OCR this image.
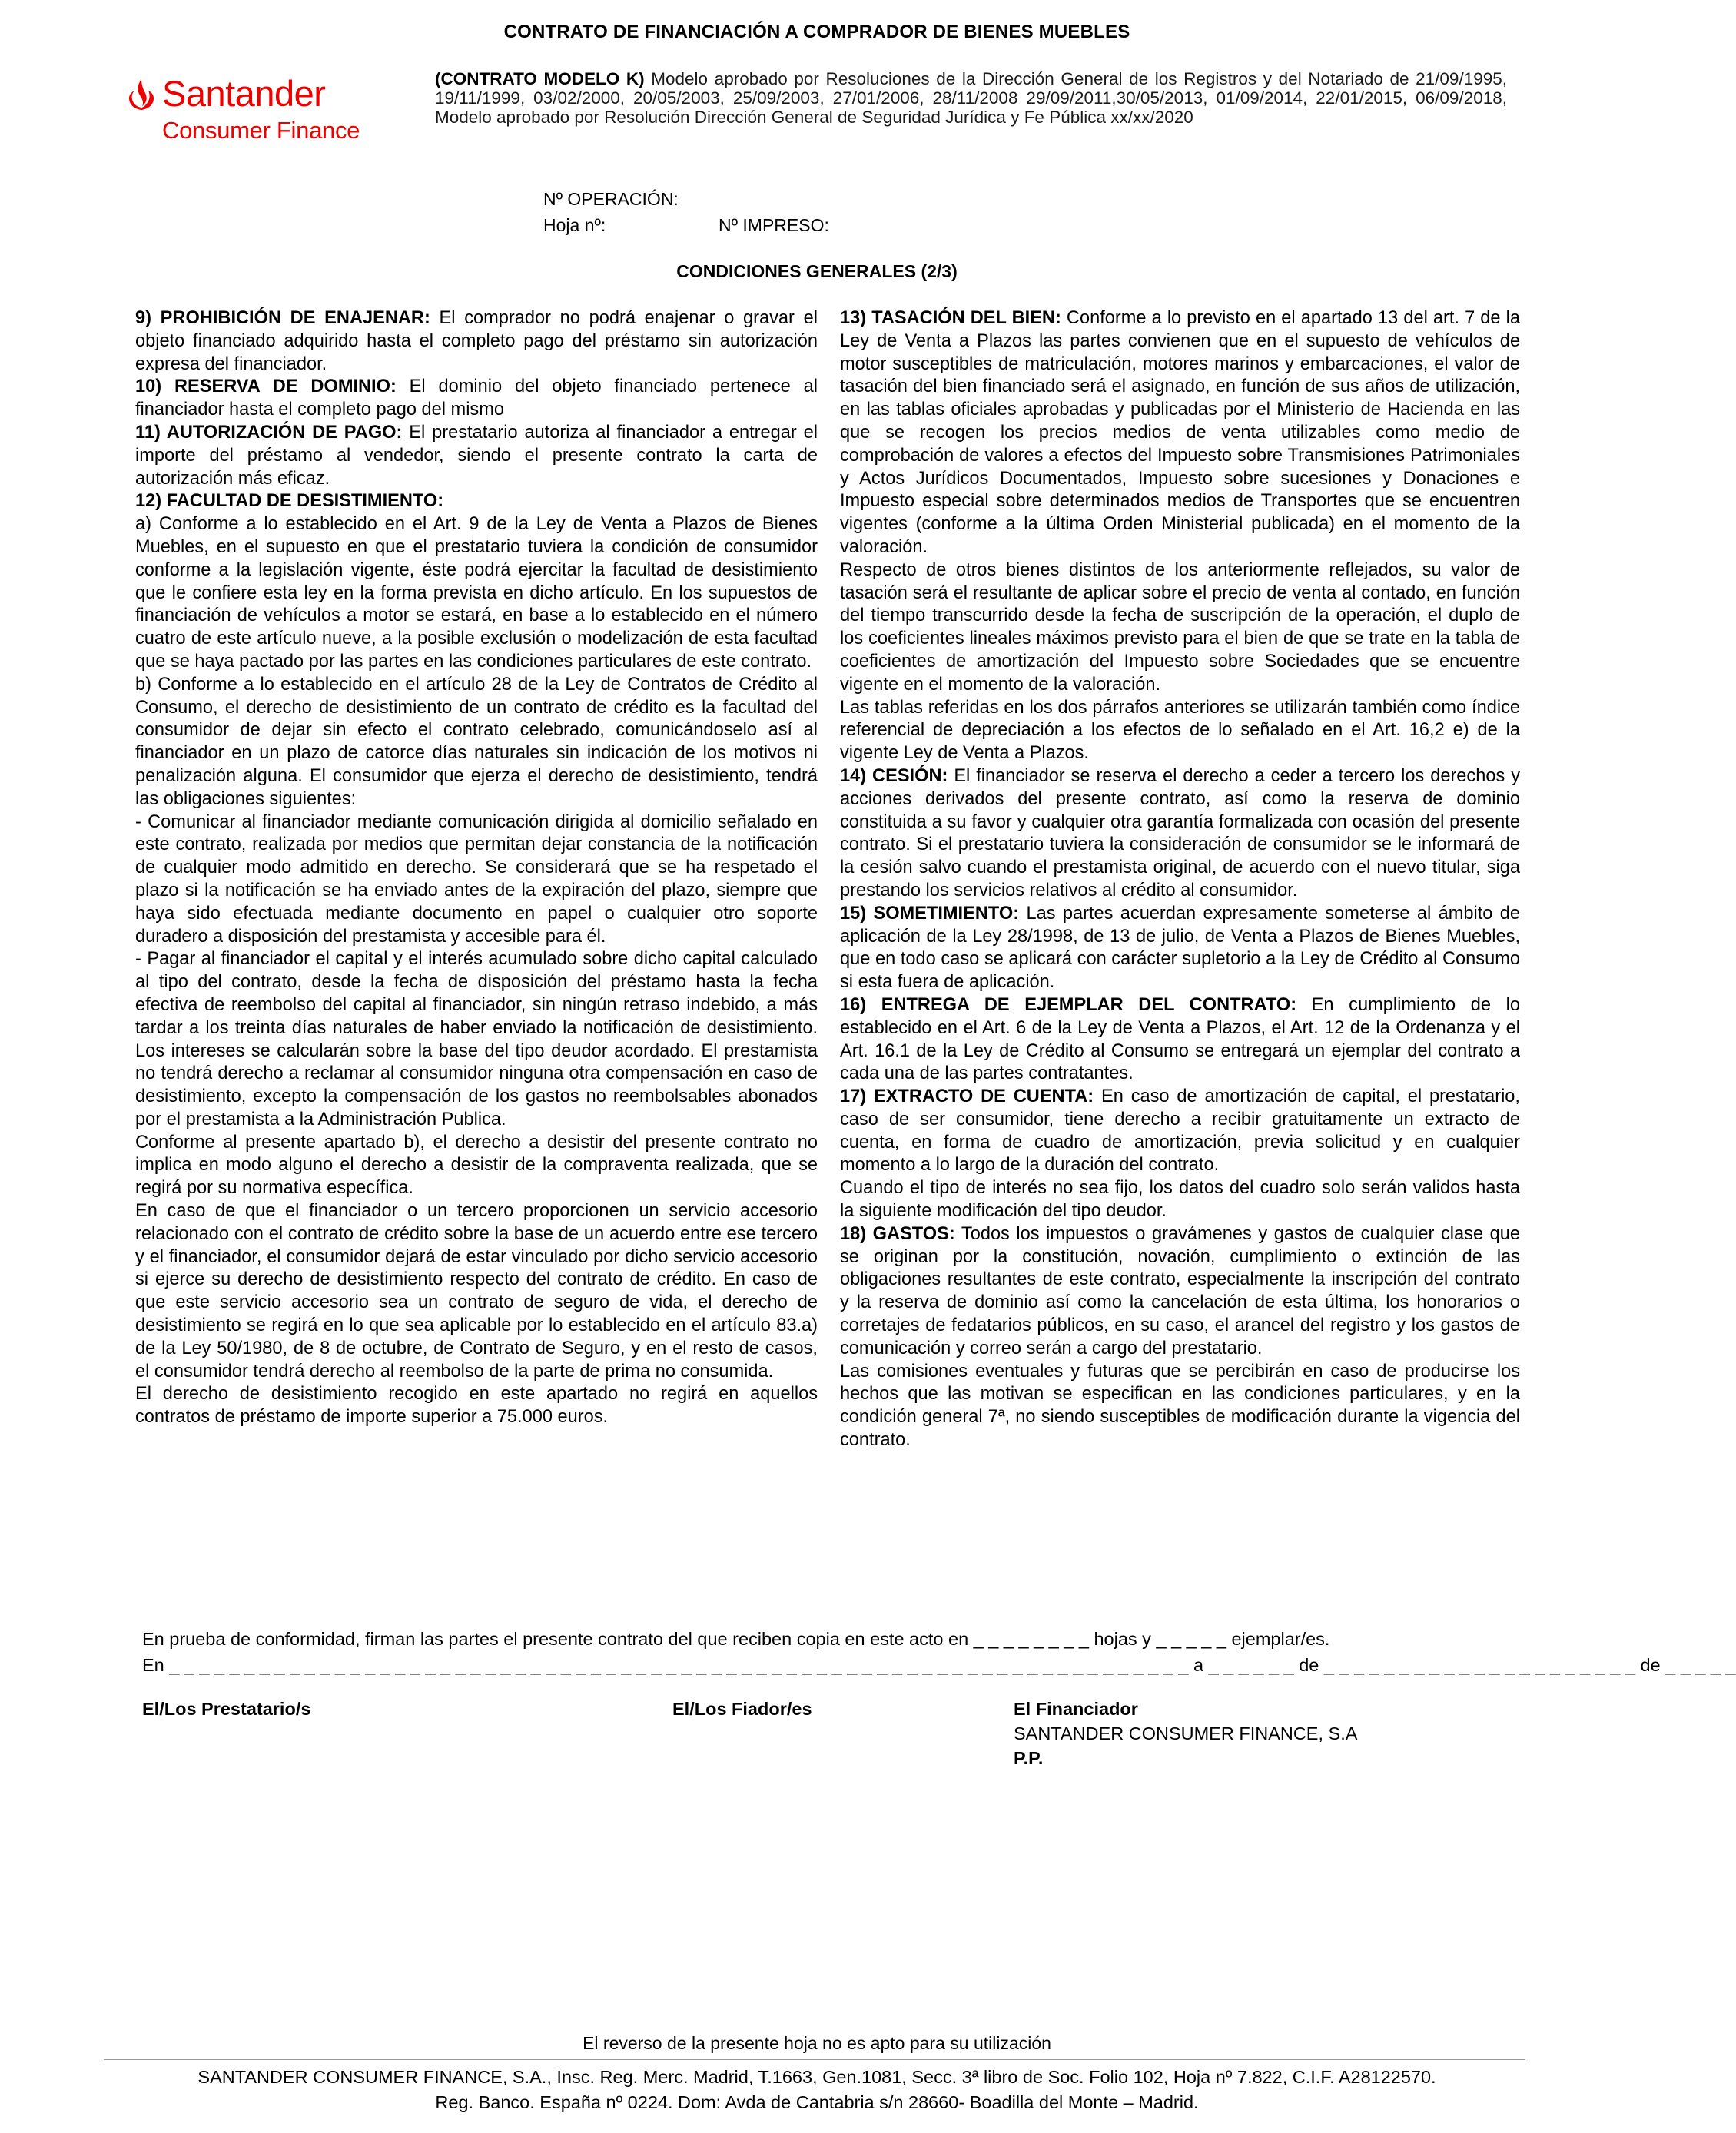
CONTRATO DE FINANCIACIÓN A COMPRADOR DE BIENES MUEBLES
Santander
Consumer Finance
(CONTRATO MODELO K) Modelo aprobado por Resoluciones de la Dirección General de los Registros y del Notariado de 21/09/1995, 19/11/1999, 03/02/2000, 20/05/2003, 25/09/2003, 27/01/2006, 28/11/2008 29/09/2011,30/05/2013, 01/09/2014, 22/01/2015, 06/09/2018, Modelo aprobado por Resolución Dirección General de Seguridad Jurídica y Fe Pública xx/xx/2020
Nº OPERACIÓN:
Hoja nº:	Nº IMPRESO:
CONDICIONES GENERALES (2/3)

9) PROHIBICIÓN DE ENAJENAR: El comprador no podrá enajenar o gravar el objeto financiado adquirido hasta el completo pago del préstamo sin autorización expresa del financiador.

10) RESERVA DE DOMINIO: El dominio del objeto financiado pertenece al financiador hasta el completo pago del mismo

11) AUTORIZACIÓN DE PAGO: El prestatario autoriza al financiador a entregar el importe del préstamo al vendedor, siendo el presente contrato la carta de autorización más eficaz.

12) FACULTAD DE DESISTIMIENTO:

a) Conforme a lo establecido en el Art. 9 de la Ley de Venta a Plazos de Bienes Muebles, en el supuesto en que el prestatario tuviera la condición de consumidor conforme a la legislación vigente, éste podrá ejercitar la facultad de desistimiento que le confiere esta ley en la forma prevista en dicho artículo. En los supuestos de financiación de vehículos a motor se estará, en base a lo establecido en el número cuatro de este artículo nueve, a la posible exclusión o modelización de esta facultad que se haya pactado por las partes en las condiciones particulares de este contrato.

b) Conforme a lo establecido en el artículo 28 de la Ley de Contratos de Crédito al Consumo, el derecho de desistimiento de un contrato de crédito es la facultad del consumidor de dejar sin efecto el contrato celebrado, comunicándoselo así al financiador en un plazo de catorce días naturales sin indicación de los motivos ni penalización alguna. El consumidor que ejerza el derecho de desistimiento, tendrá las obligaciones siguientes:

- Comunicar al financiador mediante comunicación dirigida al domicilio señalado en este contrato, realizada por medios que permitan dejar constancia de la notificación de cualquier modo admitido en derecho. Se considerará que se ha respetado el plazo si la notificación se ha enviado antes de la expiración del plazo, siempre que haya sido efectuada mediante documento en papel o cualquier otro soporte duradero a disposición del prestamista y accesible para él.

- Pagar al financiador el capital y el interés acumulado sobre dicho capital calculado al tipo del contrato, desde la fecha de disposición del préstamo hasta la fecha efectiva de reembolso del capital al financiador, sin ningún retraso indebido, a más tardar a los treinta días naturales de haber enviado la notificación de desistimiento. Los intereses se calcularán sobre la base del tipo deudor acordado. El prestamista no tendrá derecho a reclamar al consumidor ninguna otra compensación en caso de desistimiento, excepto la compensación de los gastos no reembolsables abonados por el prestamista a la Administración Publica.

Conforme al presente apartado b), el derecho a desistir del presente contrato no implica en modo alguno el derecho a desistir de la compraventa realizada, que se regirá por su normativa específica.

En caso de que el financiador o un tercero proporcionen un servicio accesorio relacionado con el contrato de crédito sobre la base de un acuerdo entre ese tercero y el financiador, el consumidor dejará de estar vinculado por dicho servicio accesorio si ejerce su derecho de desistimiento respecto del contrato de crédito. En caso de que este servicio accesorio sea un contrato de seguro de vida, el derecho de desistimiento se regirá en lo que sea aplicable por lo establecido en el artículo 83.a) de la Ley 50/1980, de 8 de octubre, de Contrato de Seguro, y en el resto de casos, el consumidor tendrá derecho al reembolso de la parte de prima no consumida.

El derecho de desistimiento recogido en este apartado no regirá en aquellos contratos de préstamo de importe superior a 75.000 euros.

13) TASACIÓN DEL BIEN: Conforme a lo previsto en el apartado 13 del art. 7 de la Ley de Venta a Plazos las partes convienen que en el supuesto de vehículos de motor susceptibles de matriculación, motores marinos y embarcaciones, el valor de tasación del bien financiado será el asignado, en función de sus años de utilización, en las tablas oficiales aprobadas y publicadas por el Ministerio de Hacienda en las que se recogen los precios medios de venta utilizables como medio de comprobación de valores a efectos del Impuesto sobre Transmisiones Patrimoniales y Actos Jurídicos Documentados, Impuesto sobre sucesiones y Donaciones e Impuesto especial sobre determinados medios de Transportes que se encuentren vigentes (conforme a la última Orden Ministerial publicada) en el momento de la valoración.

Respecto de otros bienes distintos de los anteriormente reflejados, su valor de tasación será el resultante de aplicar sobre el precio de venta al contado, en función del tiempo transcurrido desde la fecha de suscripción de la operación, el duplo de los coeficientes lineales máximos previsto para el bien de que se trate en la tabla de coeficientes de amortización del Impuesto sobre Sociedades que se encuentre vigente en el momento de la valoración.

Las tablas referidas en los dos párrafos anteriores se utilizarán también como índice referencial de depreciación a los efectos de lo señalado en el Art. 16,2 e) de la vigente Ley de Venta a Plazos.

14) CESIÓN: El financiador se reserva el derecho a ceder a tercero los derechos y acciones derivados del presente contrato, así como la reserva de dominio constituida a su favor y cualquier otra garantía formalizada con ocasión del presente contrato. Si el prestatario tuviera la consideración de consumidor se le informará de la cesión salvo cuando el prestamista original, de acuerdo con el nuevo titular, siga prestando los servicios relativos al crédito al consumidor.

15) SOMETIMIENTO: Las partes acuerdan expresamente someterse al ámbito de aplicación de la Ley 28/1998, de 13 de julio, de Venta a Plazos de Bienes Muebles, que en todo caso se aplicará con carácter supletorio a la Ley de Crédito al Consumo si esta fuera de aplicación.

16) ENTREGA DE EJEMPLAR DEL CONTRATO: En cumplimiento de lo establecido en el Art. 6 de la Ley de Venta a Plazos, el Art. 12 de la Ordenanza y el Art. 16.1 de la Ley de Crédito al Consumo se entregará un ejemplar del contrato a cada una de las partes contratantes.

17) EXTRACTO DE CUENTA: En caso de amortización de capital, el prestatario, caso de ser consumidor, tiene derecho a recibir gratuitamente un extracto de cuenta, en forma de cuadro de amortización, previa solicitud y en cualquier momento a lo largo de la duración del contrato.

Cuando el tipo de interés no sea fijo, los datos del cuadro solo serán validos hasta la siguiente modificación del tipo deudor.

18) GASTOS: Todos los impuestos o gravámenes y gastos de cualquier clase que se originan por la constitución, novación, cumplimiento o extinción de las obligaciones resultantes de este contrato, especialmente la inscripción del contrato y la reserva de dominio así como la cancelación de esta última, los honorarios o corretajes de fedatarios públicos, en su caso, el arancel del registro y los gastos de comunicación y correo serán a cargo del prestatario.

Las comisiones eventuales y futuras que se percibirán en caso de producirse los hechos que las motivan se especifican en las condiciones particulares, y en la condición general 7ª, no siendo susceptibles de modificación durante la vigencia del contrato.

En prueba de conformidad, firman las partes el presente contrato del que reciben copia en este acto en _ _ _ _ _ _ _ _ hojas y _ _ _ _ _ ejemplar/es.
En _ _ _ _ _ _ _ _ _ _ _ _ _ _ _ _ _ _ _ _ _ _ _ _ _ _ _ _ _ _ _ _ _ _ _ _ _ _ _ _ _ _ _ _ _ _ _ _ _ _ _ _ _ _ _ _ _ _ _ _ _ _ _ _ _ _ _ _ a _ _ _ _ _ _ de _ _ _ _ _ _ _ _ _ _ _ _ _ _ _ _ _ _ _ _ _ de _ _ _ _ _
El/Los Prestatario/s	El/Los Fiador/es	El Financiador
SANTANDER CONSUMER FINANCE, S.A
P.P.
El reverso de la presente hoja no es apto para su utilización
SANTANDER CONSUMER FINANCE, S.A., Insc. Reg. Merc. Madrid, T.1663, Gen.1081, Secc. 3ª libro de Soc. Folio 102, Hoja nº 7.822, C.I.F. A28122570.
Reg. Banco. España nº 0224. Dom: Avda de Cantabria s/n 28660- Boadilla del Monte – Madrid.
